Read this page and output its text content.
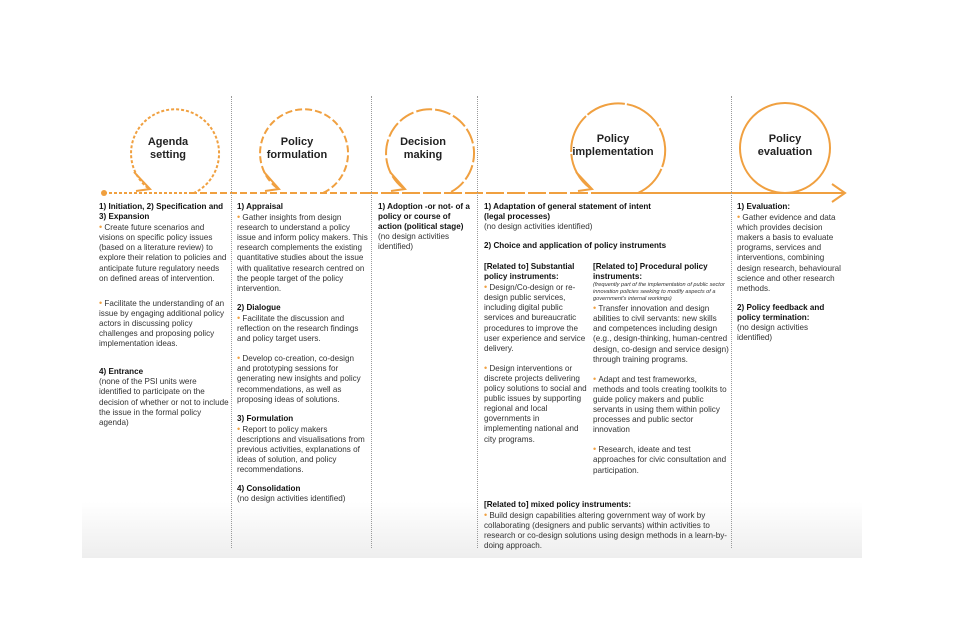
Agenda
setting
Policy
formulation
Decision
making
Policy
implementation
Policy
evaluation

1) Initiation, 2) Specification and 3) Expansion

• Create future scenarios and visions on specific policy issues (based on a literature review) to explore their relation to policies and anticipate future regulatory needs on defined areas of intervention.

• Facilitate the understanding of an issue by engaging additional policy actors in discussing policy challenges and proposing policy implementation ideas.

4) Entrance

(none of the PSI units were identified to participate on the decision of whether or not to include the issue in the formal policy agenda)

1) Appraisal

• Gather insights from design research to understand a policy issue and inform policy makers. This research complements the existing quantitative studies about the issue with qualitative research centred on the people target of the policy intervention.

2) Dialogue

• Facilitate the discussion and reflection on the research findings and policy target users.

• Develop co-creation, co-design and prototyping sessions for generating new insights and policy recommendations, as well as proposing ideas of solutions.

3) Formulation

• Report to policy makers descriptions and visualisations from previous activities, explanations of ideas of solution, and policy recommendations.

4) Consolidation

(no design activities identified)

1) Adoption -or not- of a policy or course of action (political stage)

(no design activities identified)

1) Adaptation of general statement of intent (legal processes)

(no design activities identified)

2) Choice and application of policy instruments

[Related to] Substantial policy instruments:

• Design/Co-design or re-design public services, including digital public services and bureaucratic procedures to improve the user experience and service delivery.

• Design interventions or discrete projects delivering policy solutions to social and public issues by supporting regional and local governments in implementing national and city programs.

[Related to] Procedural policy instruments:

(frequently part of the implementation of public sector innovation policies seeking to modify aspects of a government's internal workings)

• Transfer innovation and design abilities to civil servants: new skills and competences including design (e.g., design-thinking, human-centred design, co-design and service design) through training programs.

• Adapt and test frameworks, methods and tools creating toolkits to guide policy makers and public servants in using them within policy processes and public sector innovation

• Research, ideate and test approaches for civic consultation and participation.

[Related to] mixed policy instruments:

• Build design capabilities altering government way of work by collaborating (designers and public servants) within activities to research or co-design solutions using design methods in a learn-by-doing approach.

1) Evaluation:

• Gather evidence and data which provides decision makers a basis to evaluate programs, services and interventions, combining design research, behavioural science and other research methods.

2) Policy feedback and policy termination:

(no design activities identified)
